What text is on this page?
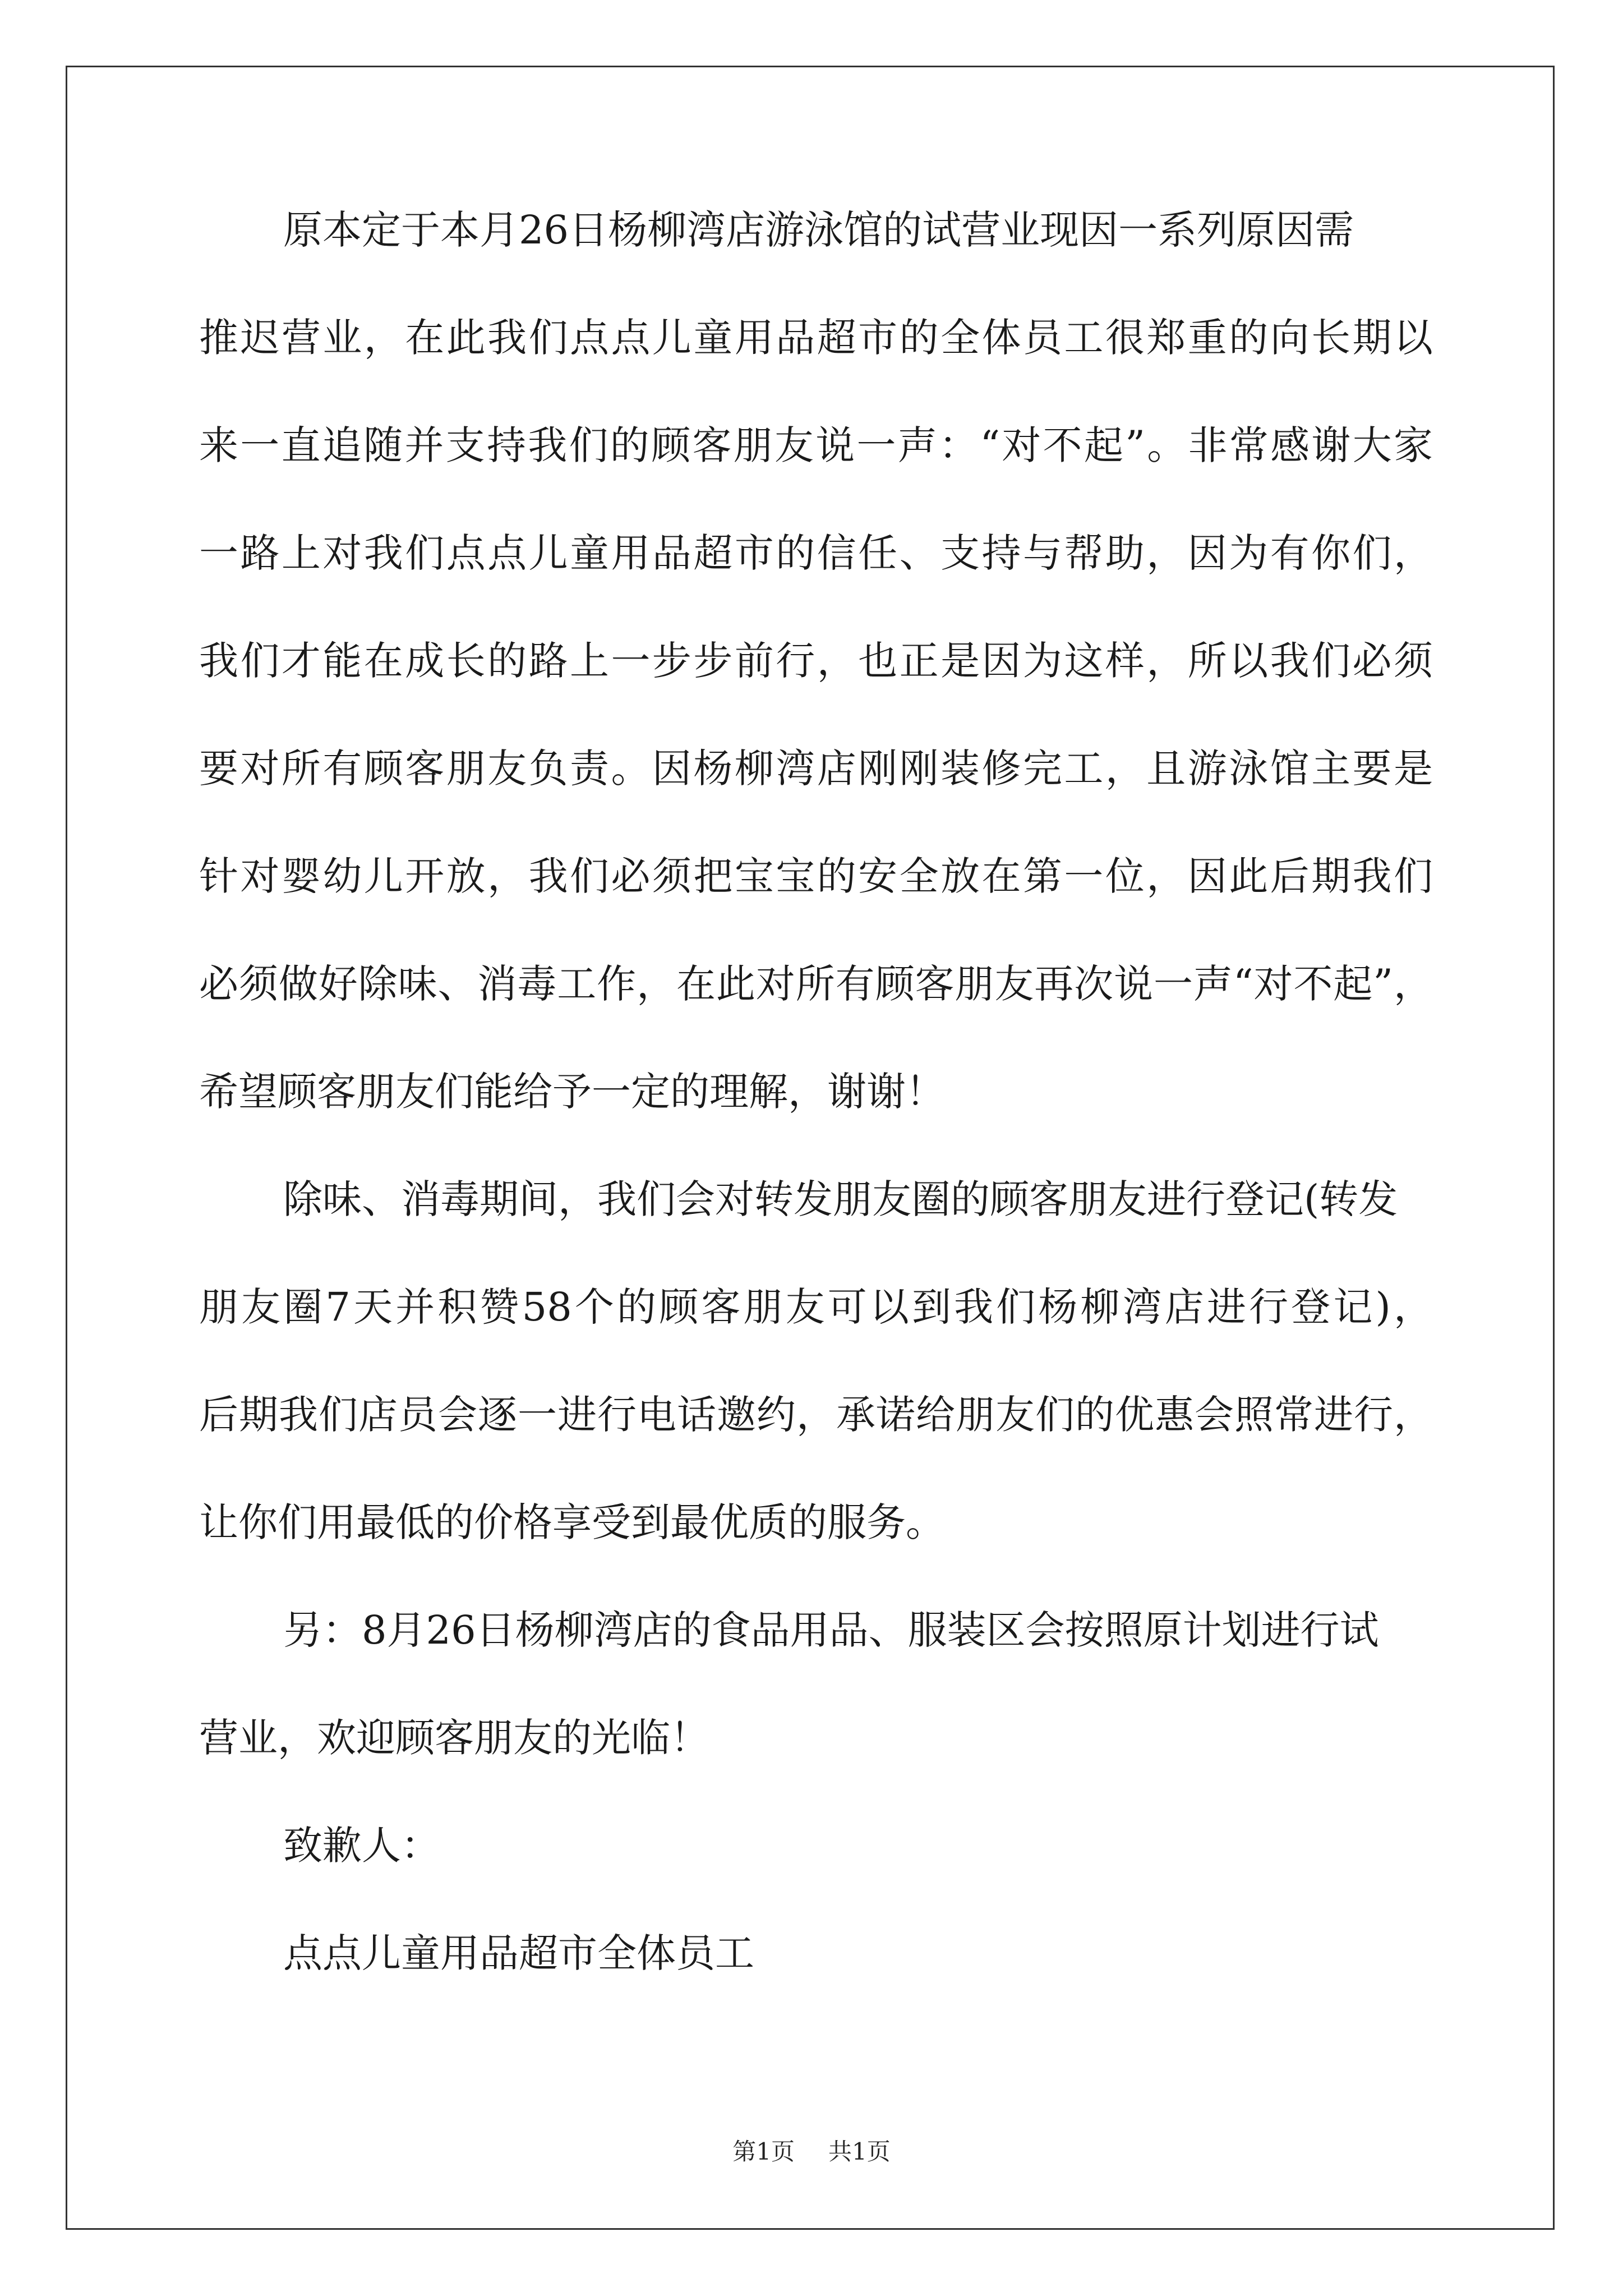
原本定于本月26日杨柳湾店游泳馆的试营业现因一系列原因需
推迟营业，在此我们点点儿童用品超市的全体员工很郑重的向长期以
来一直追随并支持我们的顾客朋友说一声：“对不起”。非常感谢大家
一路上对我们点点儿童用品超市的信任、支持与帮助，因为有你们，
我们才能在成长的路上一步步前行，也正是因为这样，所以我们必须
要对所有顾客朋友负责。因杨柳湾店刚刚装修完工，且游泳馆主要是
针对婴幼儿开放，我们必须把宝宝的安全放在第一位，因此后期我们
必须做好除味、消毒工作，在此对所有顾客朋友再次说一声“对不起”，
希望顾客朋友们能给予一定的理解，谢谢！
除味、消毒期间，我们会对转发朋友圈的顾客朋友进行登记(转发
朋友圈7天并积赞58个的顾客朋友可以到我们杨柳湾店进行登记)，
后期我们店员会逐一进行电话邀约，承诺给朋友们的优惠会照常进行，
让你们用最低的价格享受到最优质的服务。
另：8月26日杨柳湾店的食品用品、服装区会按照原计划进行试
营业，欢迎顾客朋友的光临！
致歉人：
点点儿童用品超市全体员工
第1页 共1页
